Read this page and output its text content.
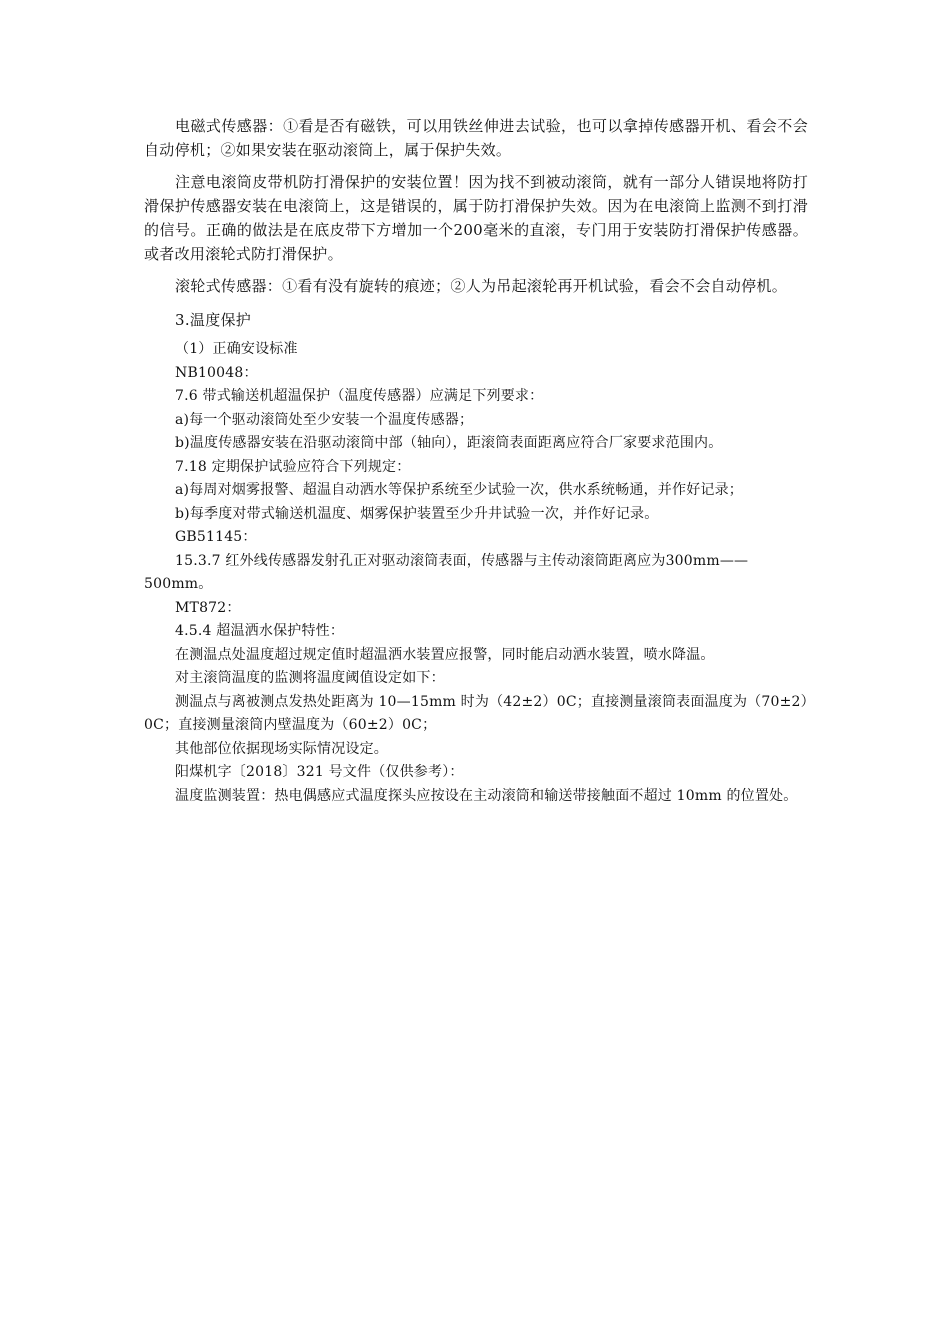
电磁式传感器：①看是否有磁铁，可以用铁丝伸进去试验，也可以拿掉传感器开机、看会不会自动停机；②如果安装在驱动滚筒上，属于保护失效。

注意电滚筒皮带机防打滑保护的安装位置！因为找不到被动滚筒，就有一部分人错误地将防打滑保护传感器安装在电滚筒上，这是错误的，属于防打滑保护失效。因为在电滚筒上监测不到打滑的信号。正确的做法是在底皮带下方增加一个200毫米的直滚，专门用于安装防打滑保护传感器。或者改用滚轮式防打滑保护。

滚轮式传感器：①看有没有旋转的痕迹；②人为吊起滚轮再开机试验，看会不会自动停机。

3.温度保护

（1）正确安设标准

NB10048：

7.6 带式输送机超温保护（温度传感器）应满足下列要求：

a)每一个驱动滚筒处至少安装一个温度传感器；

b)温度传感器安装在沿驱动滚筒中部（轴向），距滚筒表面距离应符合厂家要求范围内。

7.18 定期保护试验应符合下列规定：

a)每周对烟雾报警、超温自动洒水等保护系统至少试验一次，供水系统畅通，并作好记录；

b)每季度对带式输送机温度、烟雾保护装置至少升井试验一次，并作好记录。

GB51145：

15.3.7 红外线传感器发射孔正对驱动滚筒表面，传感器与主传动滚筒距离应为300mm——500mm。

MT872：

4.5.4 超温洒水保护特性：

在测温点处温度超过规定值时超温洒水装置应报警，同时能启动洒水装置，喷水降温。

对主滚筒温度的监测将温度阈值设定如下：

测温点与离被测点发热处距离为 10—15mm 时为（42±2）0C；直接测量滚筒表面温度为（70±2）0C；直接测量滚筒内壁温度为（60±2）0C；

其他部位依据现场实际情况设定。

阳煤机字〔2018〕321 号文件（仅供参考）：

温度监测装置：热电偶感应式温度探头应按设在主动滚筒和输送带接触面不超过 10mm 的位置处。
